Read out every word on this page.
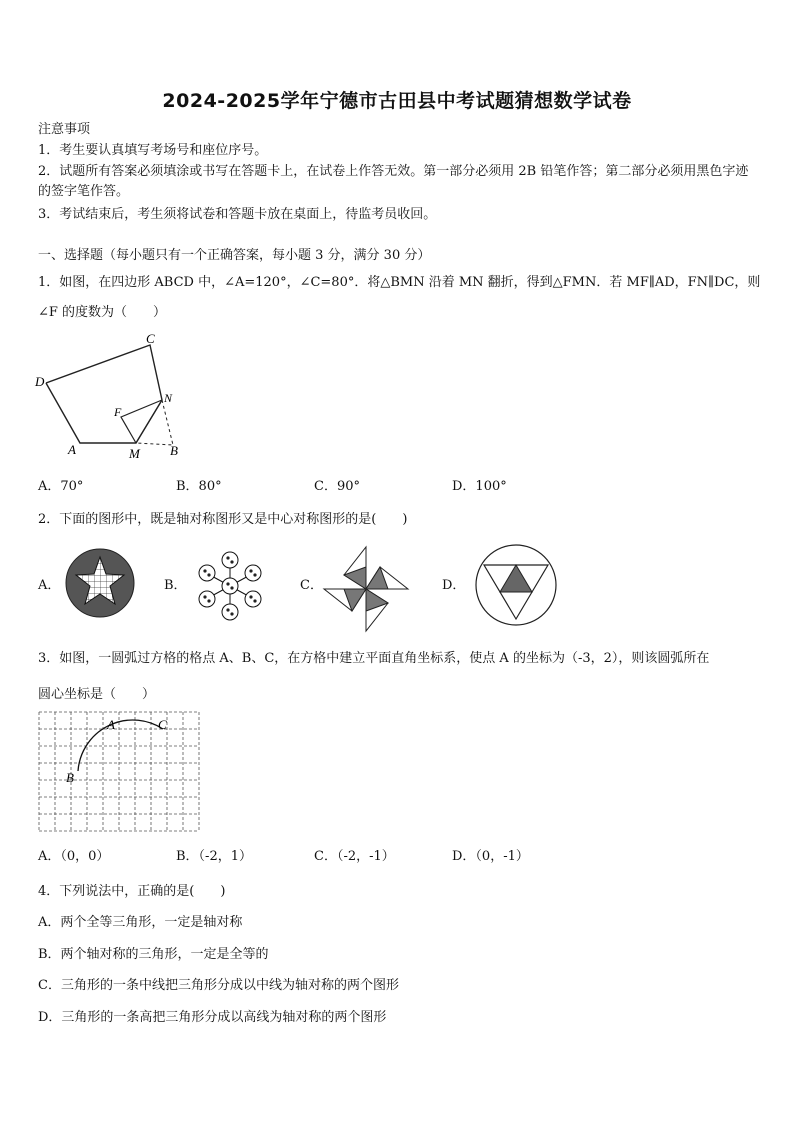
2024-2025学年宁德市古田县中考试题猜想数学试卷
注意事项
1．考生要认真填写考场号和座位序号。
2．试题所有答案必须填涂或书写在答题卡上，在试卷上作答无效。第一部分必须用 2B 铅笔作答；第二部分必须用黑色字迹的签字笔作答。
3．考试结束后，考生须将试卷和答题卡放在桌面上，待监考员收回。
一、选择题（每小题只有一个正确答案，每小题 3 分，满分 30 分）
1．如图，在四边形 ABCD 中，∠A=120°，∠C=80°．将△BMN 沿着 MN 翻折，得到△FMN．若 MF∥AD，FN∥DC，则
∠F 的度数为（　　）
D
C
N
F
A	M B
A．70°	B．80°	C．90°	D．100°
2．下面的图形中，既是轴对称图形又是中心对称图形的是(　　)
A．	B．	C．	D．
3．如图，一圆弧过方格的格点 A、B、C，在方格中建立平面直角坐标系，使点 A 的坐标为（-3，2），则该圆弧所在
圆心坐标是（　　）
A	C
B
A．（0，0）	B．（-2，1）	C．（-2，-1）	D．（0，-1）
4．下列说法中，正确的是(　　)
A．两个全等三角形，一定是轴对称
B．两个轴对称的三角形，一定是全等的
C．三角形的一条中线把三角形分成以中线为轴对称的两个图形
D．三角形的一条高把三角形分成以高线为轴对称的两个图形
